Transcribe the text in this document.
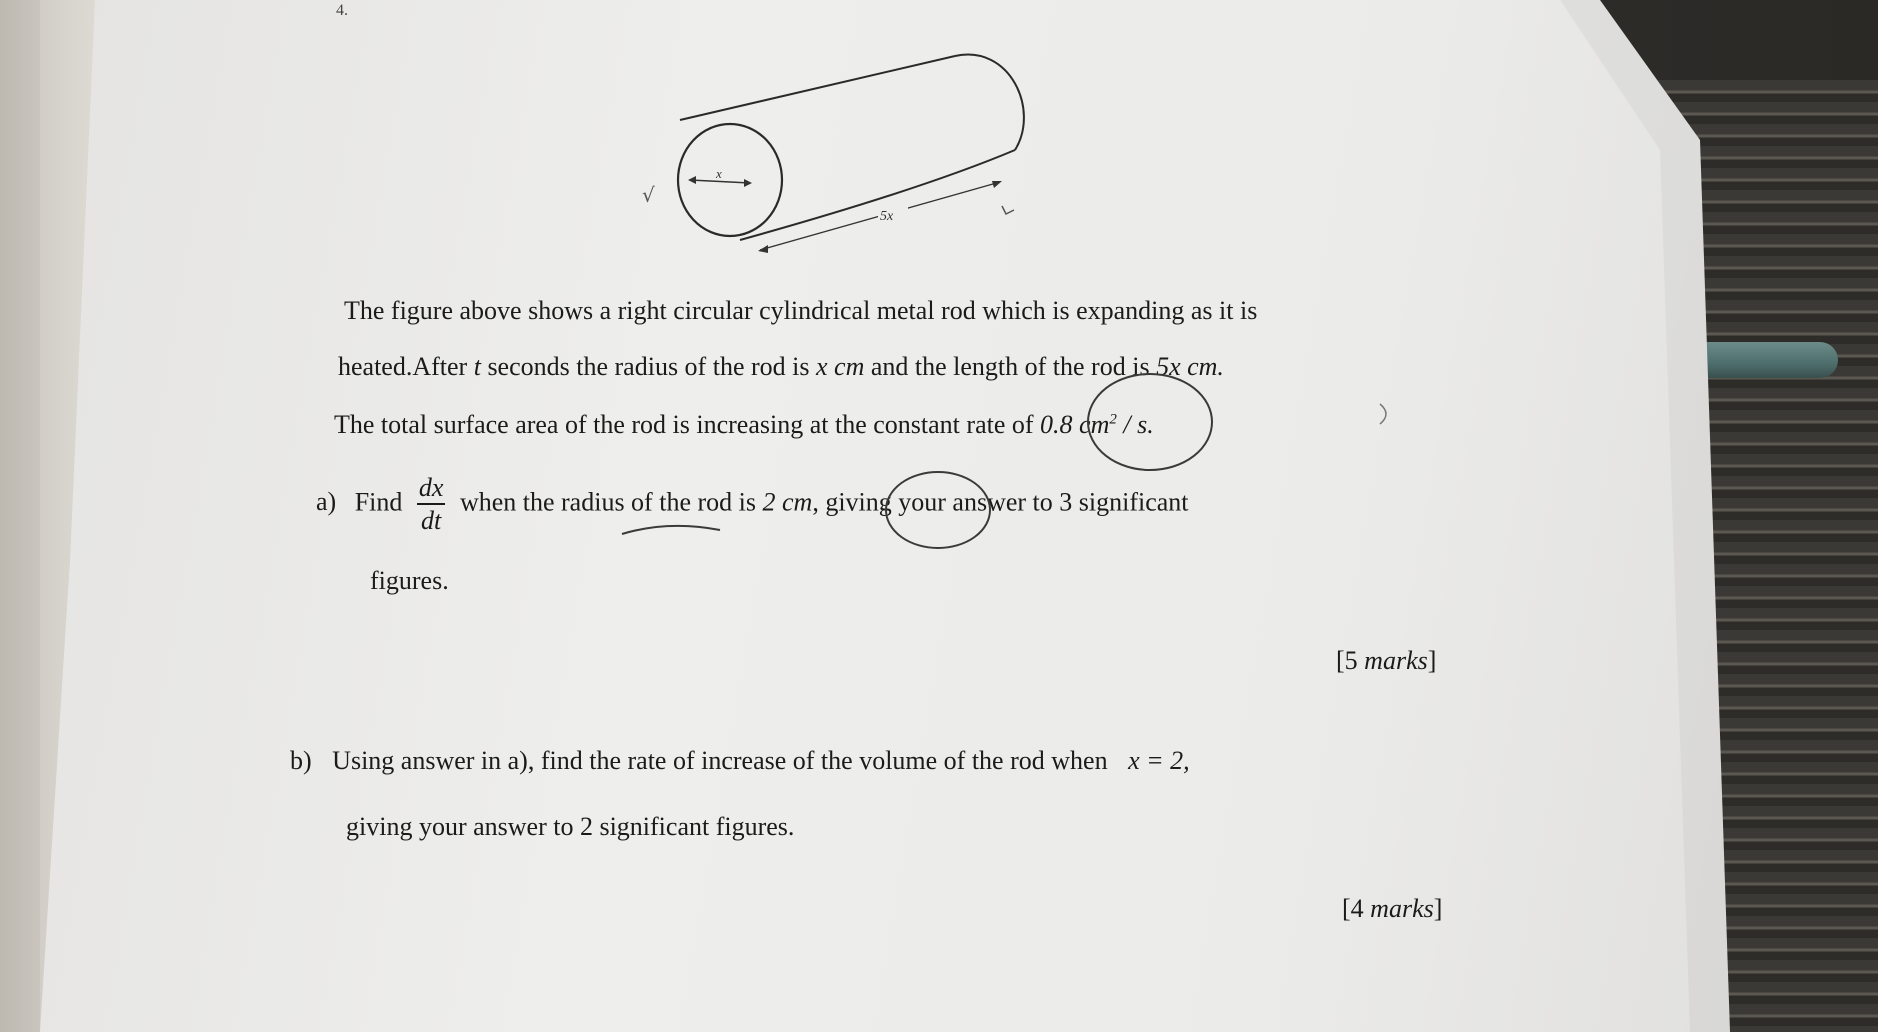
4.
x
5x
√
The figure above shows a right circular cylindrical metal rod which is expanding as it is
heated.After t seconds the radius of the rod is x cm and the length of the rod is 5x cm.
The total surface area of the rod is increasing at the constant rate of 0.8 $cm^2$ / s.
a) Find $\frac{dx}{dt}$ when the radius of the rod is 2 cm, giving your answer to 3 significant
figures.
[5 marks]
b) Using answer in a), find the rate of increase of the volume of the rod when x = 2,
giving your answer to 2 significant figures.
[4 marks]
